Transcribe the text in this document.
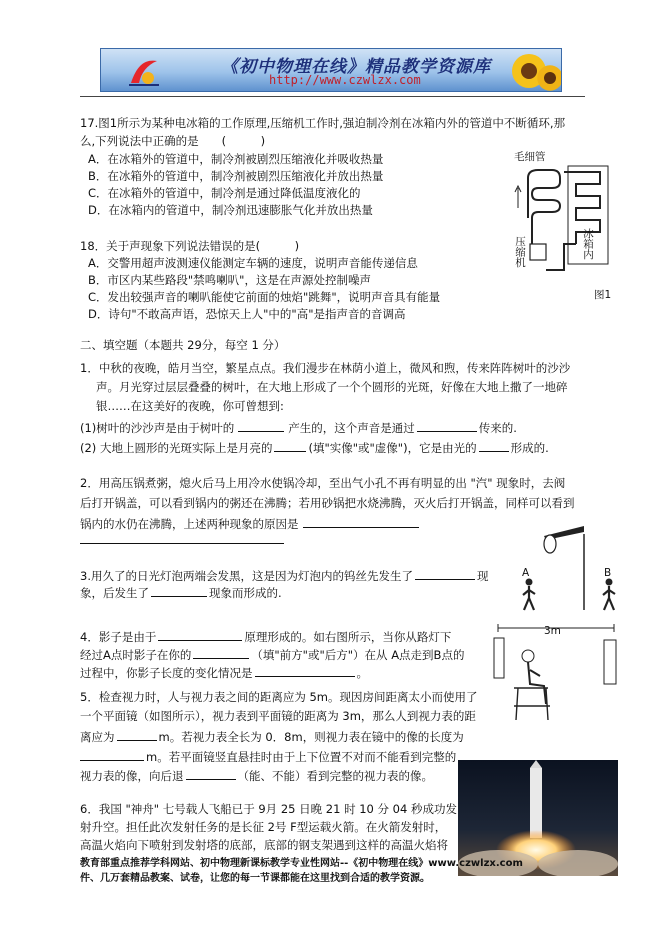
《初中物理在线》精品教学资源库
http://www.czwlzx.com
17.图1所示为某种电冰箱的工作原理,压缩机工作时,强迫制冷剂在冰箱内外的管道中不断循环,那
么,下列说法中正确的是　　(　　　)
A．在冰箱外的管道中，制冷剂被剧烈压缩液化并吸收热量
B．在冰箱外的管道中，制冷剂被剧烈压缩液化并放出热量
C．在冰箱外的管道中，制冷剂是通过降低温度液化的
D．在冰箱内的管道中，制冷剂迅速膨胀气化并放出热量
毛细管
冰箱内
压缩机
图1
18．关于声现象下列说法错误的是(　　　)
A．交警用超声波测速仪能测定车辆的速度，说明声音能传递信息
B．市区内某些路段"禁鸣喇叭"，这是在声源处控制噪声
C．发出较强声音的喇叭能使它前面的烛焰"跳舞"，说明声音具有能量
D．诗句"不敢高声语，恐惊天上人"中的"高"是指声音的音调高
二、填空题（本题共 29分，每空 1 分）
1．中秋的夜晚，皓月当空，繁星点点。我们漫步在林荫小道上，微风和煦，传来阵阵树叶的沙沙
声。月光穿过层层叠叠的树叶，在大地上形成了一个个圆形的光斑，好像在大地上撒了一地碎
银……在这美好的夜晚，你可曾想到:
(1)树叶的沙沙声是由于树叶的	产生的，这个声音是通过	传来的.
(2) 大地上圆形的光斑实际上是月亮的	(填"实像"或"虚像")，它是由光的	形成的.
2．用高压锅煮粥，熄火后马上用冷水使锅冷却，至出气小孔不再有明显的出 "汽" 现象时，去阀
后打开锅盖，可以看到锅内的粥还在沸腾；若用砂锅把水烧沸腾，灭火后打开锅盖，同样可以看到
锅内的水仍在沸腾，上述两种现象的原因是
3.用久了的日光灯泡两端会发黑，这是因为灯泡内的钨丝先发生了	现
象，后发生了	现象而形成的.
A	B
4．影子是由于	原理形成的。如右图所示，当你从路灯下
经过A点时影子在你的	（填"前方"或"后方"）在从 A点走到B点的
过程中，你影子长度的变化情况是	。
3m
5．检查视力时，人与视力表之间的距离应为 5m。现因房间距离太小而使用了
一个平面镜（如图所示），视力表到平面镜的距离为 3m，那么人到视力表的距
离应为	m。若视力表全长为 0．8m，则视力表在镜中的像的长度为
m。若平面镜竖直悬挂时由于上下位置不对而不能看到完整的
视力表的像，向后退	（能、不能）看到完整的视力表的像。
6．我国 "神舟" 七号载人飞船已于 9月 25 日晚 21 时 10 分 04 秒成功发
射升空。担任此次发射任务的是长征 2号 F型运载火箭。在火箭发射时，
高温火焰向下喷射到发射塔的底部，底部的钢支架遇到这样的高温火焰将
教育部重点推荐学科网站、初中物理新课标教学专业性网站--《初中物理在线》www.czwlzx.com
件、几万套精品教案、试卷，让您的每一节课都能在这里找到合适的教学资源。
